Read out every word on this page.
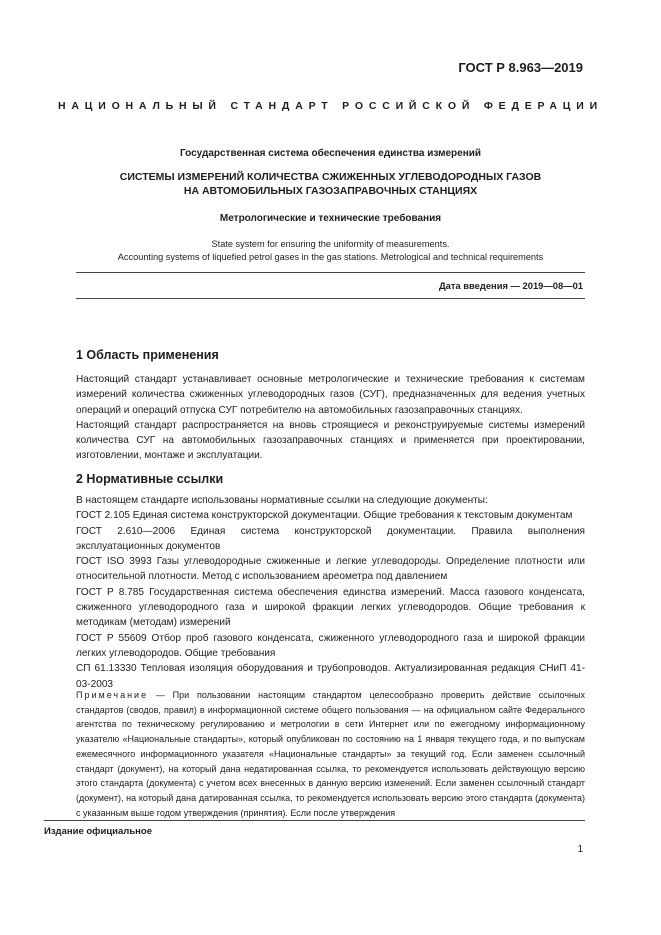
ГОСТ Р 8.963—2019
НАЦИОНАЛЬНЫЙ СТАНДАРТ РОССИЙСКОЙ ФЕДЕРАЦИИ
Государственная система обеспечения единства измерений
СИСТЕМЫ ИЗМЕРЕНИЙ КОЛИЧЕСТВА СЖИЖЕННЫХ УГЛЕВОДОРОДНЫХ ГАЗОВ
НА АВТОМОБИЛЬНЫХ ГАЗОЗАПРАВОЧНЫХ СТАНЦИЯХ
Метрологические и технические требования
State system for ensuring the uniformity of measurements.
Accounting systems of liquefied petrol gases in the gas stations. Metrological and technical requirements
Дата введения — 2019—08—01
1 Область применения

Настоящий стандарт устанавливает основные метрологические и технические требования к системам измерений количества сжиженных углеводородных газов (СУГ), предназначенных для ведения учетных операций и операций отпуска СУГ потребителю на автомобильных газозаправочных станциях.

Настоящий стандарт распространяется на вновь строящиеся и реконструируемые системы измерений количества СУГ на автомобильных газозаправочных станциях и применяется при проектировании, изготовлении, монтаже и эксплуатации.

2 Нормативные ссылки

В настоящем стандарте использованы нормативные ссылки на следующие документы:

ГОСТ 2.105 Единая система конструкторской документации. Общие требования к текстовым документам

ГОСТ 2.610—2006 Единая система конструкторской документации. Правила выполнения эксплуатационных документов

ГОСТ ISO 3993 Газы углеводородные сжиженные и легкие углеводороды. Определение плотности или относительной плотности. Метод с использованием ареометра под давлением

ГОСТ Р 8.785 Государственная система обеспечения единства измерений. Масса газового конденсата, сжиженного углеводородного газа и широкой фракции легких углеводородов. Общие требования к методикам (методам) измерений

ГОСТ Р 55609 Отбор проб газового конденсата, сжиженного углеводородного газа и широкой фракции легких углеводородов. Общие требования

СП 61.13330 Тепловая изоляция оборудования и трубопроводов. Актуализированная редакция СНиП 41-03-2003

Примечание — При пользовании настоящим стандартом целесообразно проверить действие ссылочных стандартов (сводов, правил) в информационной системе общего пользования — на официальном сайте Федерального агентства по техническому регулированию и метрологии в сети Интернет или по ежегодному информационному указателю «Национальные стандарты», который опубликован по состоянию на 1 января текущего года, и по выпускам ежемесячного информационного указателя «Национальные стандарты» за текущий год. Если заменен ссылочный стандарт (документ), на который дана недатированная ссылка, то рекомендуется использовать действующую версию этого стандарта (документа) с учетом всех внесенных в данную версию изменений. Если заменен ссылочный стандарт (документ), на который дана датированная ссылка, то рекомендуется использовать версию этого стандарта (документа) с указанным выше годом утверждения (принятия). Если после утверждения
Издание официальное
1
